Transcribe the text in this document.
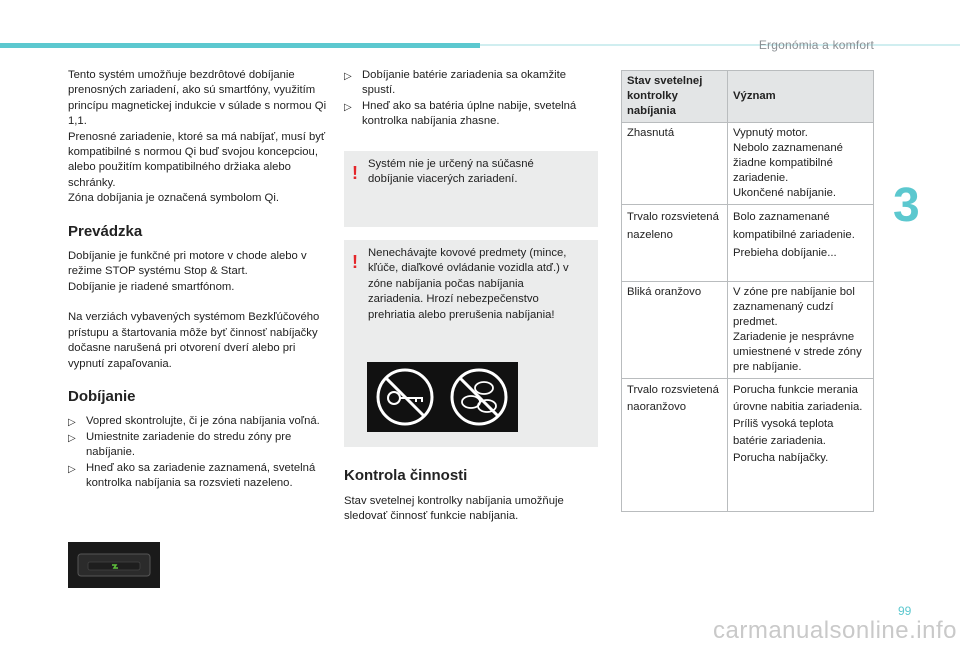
Ergonómia a komfort
3

Tento systém umožňuje bezdrôtové dobíjanie prenosných zariadení, ako sú smartfóny, využitím princípu magnetickej indukcie v súlade s normou Qi 1,1.

Prenosné zariadenie, ktoré sa má nabíjať, musí byť kompatibilné s normou Qi buď svojou koncepciou, alebo použitím kompatibilného držiaka alebo schránky.

Zóna dobíjania je označená symbolom Qi.

Prevádzka

Dobíjanie je funkčné pri motore v chode alebo v režime STOP systému Stop & Start.

Dobíjanie je riadené smartfónom.

Na verziách vybavených systémom Bezkľúčového prístupu a štartovania môže byť činnosť nabíjačky dočasne narušená pri otvorení dverí alebo pri vypnutí zapaľovania.

Dobíjanie
▷ Vopred skontrolujte, či je zóna nabíjania voľná.
▷ Umiestnite zariadenie do stredu zóny pre nabíjanie.
▷ Hneď ako sa zariadenie zaznamená, svetelná kontrolka nabíjania sa rozsvieti nazeleno.
▷ Dobíjanie batérie zariadenia sa okamžite spustí.
▷ Hneď ako sa batéria úplne nabije, svetelná kontrolka nabíjania zhasne.
! Systém nie je určený na súčasné dobíjanie viacerých zariadení.
! Nenechávajte kovové predmety (mince, kľúče, diaľkové ovládanie vozidla atď.) v zóne nabíjania počas nabíjania zariadenia. Hrozí nebezpečenstvo prehriatia alebo prerušenia nabíjania!
Kontrola činnosti
Stav svetelnej kontrolky nabíjania umožňuje sledovať činnosť funkcie nabíjania.
Stav svetelnej kontrolky nabíjania	Význam
Zhasnutá	Vypnutý motor.
Nebolo zaznamenané žiadne kompatibilné zariadenie.
Ukončené nabíjanie.

Trvalo rozsvietená nazeleno	Bolo zaznamenané kompatibilné zariadenie.
Prebieha dobíjanie...

Bliká oranžovo	V zóne pre nabíjanie bol zaznamenaný cudzí predmet.
Zariadenie je nesprávne umiestnené v strede zóny pre nabíjanie.

Trvalo rozsvietená naoranžovo	Porucha funkcie merania úrovne nabitia zariadenia.
Príliš vysoká teplota batérie zariadenia.
Porucha nabíjačky.
99
carmanualsonline.info
